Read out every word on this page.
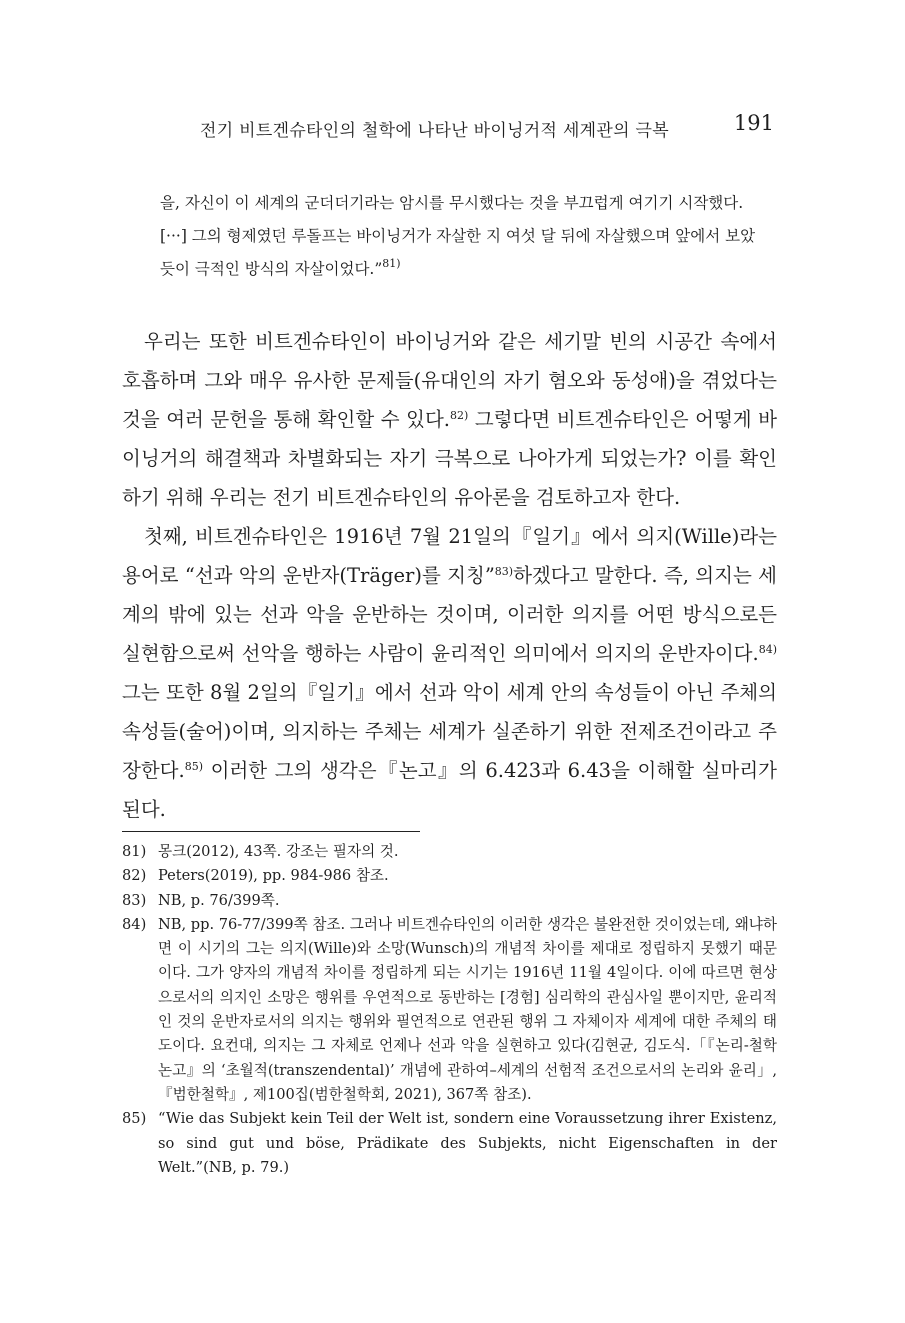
전기 비트겐슈타인의 철학에 나타난 바이닝거적 세계관의 극복	191

을, 자신이 이 세계의 군더더기라는 암시를 무시했다는 것을 부끄럽게 여기기 시작했다. [···] 그의 형제였던 루돌프는 바이닝거가 자살한 지 여섯 달 뒤에 자살했으며 앞에서 보았듯이 극적인 방식의 자살이었다.”$^{81)}$

우리는 또한 비트겐슈타인이 바이닝거와 같은 세기말 빈의 시공간 속에서 호흡하며 그와 매우 유사한 문제들(유대인의 자기 혐오와 동성애)을 겪었다는 것을 여러 문헌을 통해 확인할 수 있다.$^{82)}$ 그렇다면 비트겐슈타인은 어떻게 바이닝거의 해결책과 차별화되는 자기 극복으로 나아가게 되었는가? 이를 확인하기 위해 우리는 전기 비트겐슈타인의 유아론을 검토하고자 한다.

첫째, 비트겐슈타인은 1916년 7월 21일의『일기』에서 의지(Wille)라는 용어로 “선과 악의 운반자(Träger)를 지칭”$^{83)}$하겠다고 말한다. 즉, 의지는 세계의 밖에 있는 선과 악을 운반하는 것이며, 이러한 의지를 어떤 방식으로든 실현함으로써 선악을 행하는 사람이 윤리적인 의미에서 의지의 운반자이다.$^{84)}$ 그는 또한 8월 2일의『일기』에서 선과 악이 세계 안의 속성들이 아닌 주체의 속성들(술어)이며, 의지하는 주체는 세계가 실존하기 위한 전제조건이라고 주장한다.$^{85)}$ 이러한 그의 생각은『논고』의 6.423과 6.43을 이해할 실마리가 된다.

81) 몽크(2012), 43쪽. 강조는 필자의 것.
82) Peters(2019), pp. 984-986 참조.
83) NB, p. 76/399쪽.
84) NB, pp. 76-77/399쪽 참조. 그러나 비트겐슈타인의 이러한 생각은 불완전한 것이었는데, 왜냐하면 이 시기의 그는 의지(Wille)와 소망(Wunsch)의 개념적 차이를 제대로 정립하지 못했기 때문이다. 그가 양자의 개념적 차이를 정립하게 되는 시기는 1916년 11월 4일이다. 이에 따르면 현상으로서의 의지인 소망은 행위를 우연적으로 동반하는 [경험] 심리학의 관심사일 뿐이지만, 윤리적인 것의 운반자로서의 의지는 행위와 필연적으로 연관된 행위 그 자체이자 세계에 대한 주체의 태도이다. 요컨대, 의지는 그 자체로 언제나 선과 악을 실현하고 있다(김현균, 김도식.「『논리-철학 논고』의 ‘초월적(transzendental)’ 개념에 관하여–세계의 선험적 조건으로서의 논리와 윤리」,『범한철학』, 제100집(범한철학회, 2021), 367쪽 참조).
85) “Wie das Subjekt kein Teil der Welt ist, sondern eine Voraussetzung ihrer Existenz, so sind gut und böse, Prädikate des Subjekts, nicht Eigenschaften in der Welt.”(NB, p. 79.)
